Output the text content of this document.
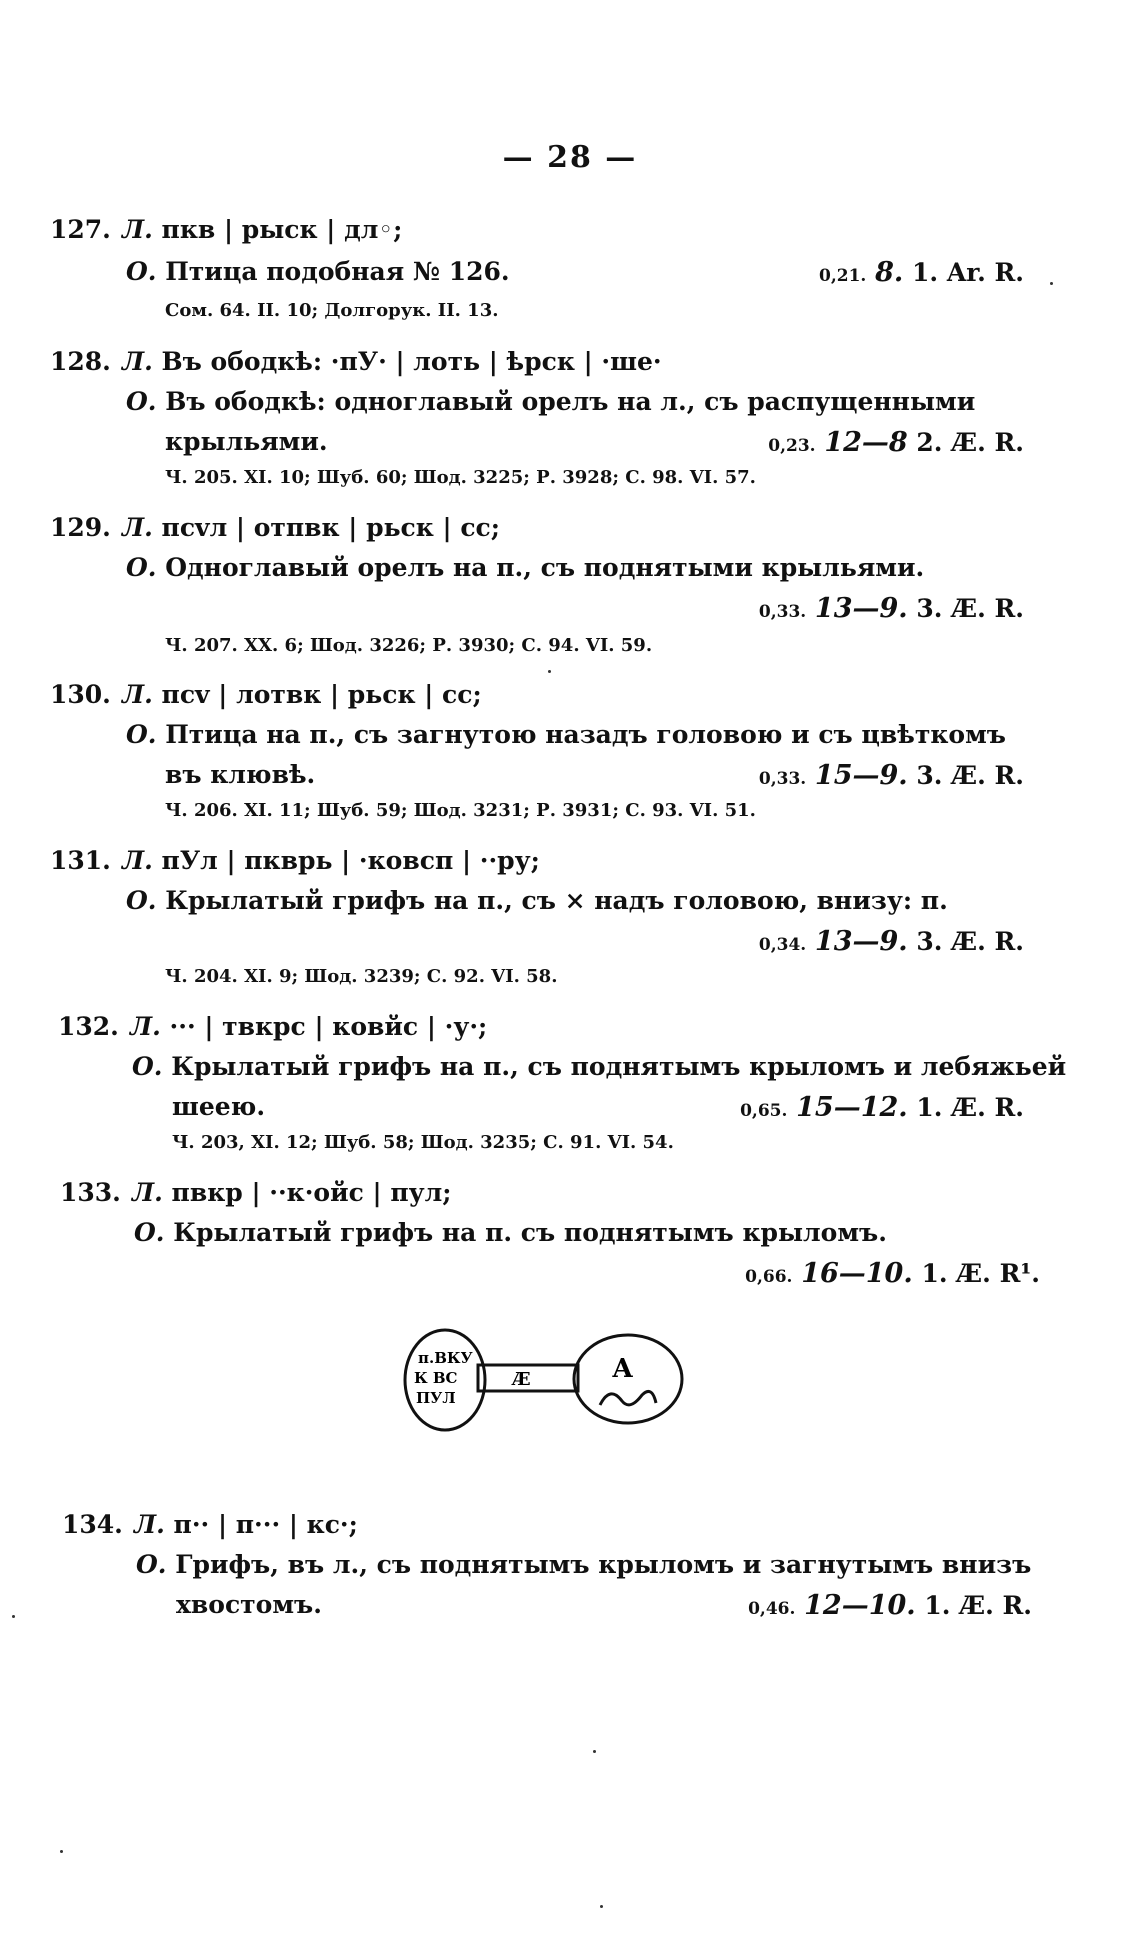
— 28 —
127. Л. пкв | рыск | дл◦;
О. Птица подобная № 126.	0,21. 8. 1. Ar. R.
Сом. 64. II. 10; Долгорук. II. 13.
128. Л. Въ ободкѣ: ·пУ· | лоть | ѣрск | ·ше·
О. Въ ободкѣ: одноглавый орелъ на л., съ распущенными
крыльями.	0,23. 12—8 2. Æ. R.
Ч. 205. XI. 10; Шуб. 60; Шод. 3225; Р. 3928; С. 98. VI. 57.
129. Л. псvл | отпвк | рьск | сс;
О. Одноглавый орелъ на п., съ поднятыми крыльями.
0,33. 13—9. 3. Æ. R.
Ч. 207. XX. 6; Шод. 3226; Р. 3930; С. 94. VI. 59.
130. Л. псv | лотвк | рьск | сс;
О. Птица на п., съ загнутою назадъ головою и съ цвѣткомъ
въ клювѣ.	0,33. 15—9. 3. Æ. R.
Ч. 206. XI. 11; Шуб. 59; Шод. 3231; Р. 3931; С. 93. VI. 51.
131. Л. пУл | пкврь | ·ковсп | ··ру;
О. Крылатый грифъ на п., съ × надъ головою, внизу: п.
0,34. 13—9. 3. Æ. R.
Ч. 204. XI. 9; Шод. 3239; С. 92. VI. 58.
132. Л. ··· | твкрс | ковйс | ·у·;
О. Крылатый грифъ на п., съ поднятымъ крыломъ и лебяжьей
шеею.	0,65. 15—12. 1. Æ. R.
Ч. 203, XI. 12; Шуб. 58; Шод. 3235; С. 91. VI. 54.
133. Л. пвкр | ··к·ойс | пул;
О. Крылатый грифъ на п. съ поднятымъ крыломъ.
0,66. 16—10. 1. Æ. R¹.
п.ВКУ
К ВС
ПУЛ
Æ	А
134. Л. п·· | п··· | кс·;
О. Грифъ, въ л., съ поднятымъ крыломъ и загнутымъ внизъ
хвостомъ.	0,46. 12—10. 1. Æ. R.
